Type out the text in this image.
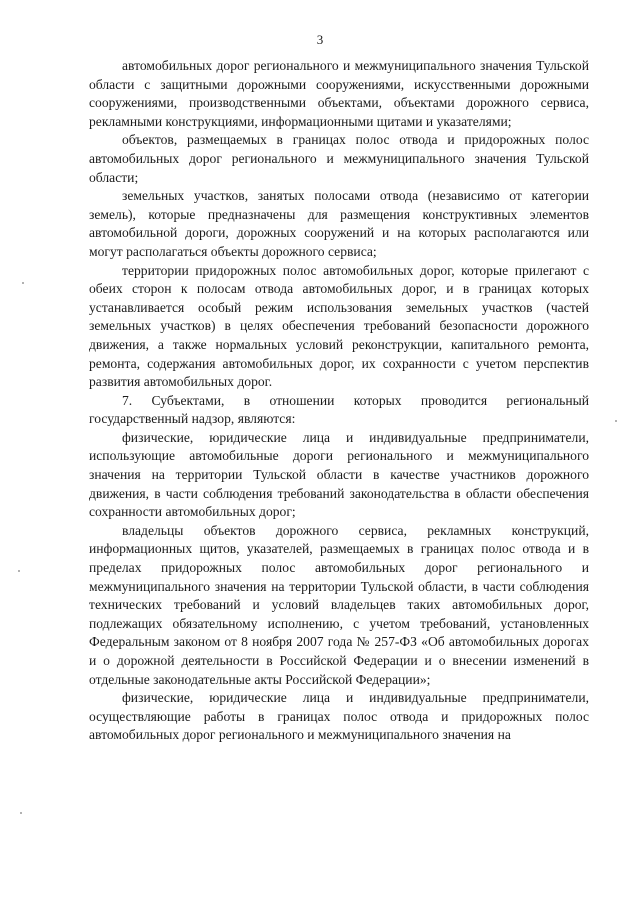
3

автомобильных дорог регионального и межмуниципального значения Тульской области с защитными дорожными сооружениями, искусственными дорожными сооружениями, производственными объектами, объектами дорожного сервиса, рекламными конструкциями, информационными щитами и указателями;

объектов, размещаемых в границах полос отвода и придорожных полос автомобильных дорог регионального и межмуниципального значения Тульской области;

земельных участков, занятых полосами отвода (независимо от категории земель), которые предназначены для размещения конструктивных элементов автомобильной дороги, дорожных сооружений и на которых располагаются или могут располагаться объекты дорожного сервиса;

территории придорожных полос автомобильных дорог, которые прилегают с обеих сторон к полосам отвода автомобильных дорог, и в границах которых устанавливается особый режим использования земельных участков (частей земельных участков) в целях обеспечения требований безопасности дорожного движения, а также нормальных условий реконструкции, капитального ремонта, ремонта, содержания автомобильных дорог, их сохранности с учетом перспектив развития автомобильных дорог.

7. Субъектами, в отношении которых проводится региональный государственный надзор, являются:

физические, юридические лица и индивидуальные предприниматели, использующие автомобильные дороги регионального и межмуниципального значения на территории Тульской области в качестве участников дорожного движения, в части соблюдения требований законодательства в области обеспечения сохранности автомобильных дорог;

владельцы объектов дорожного сервиса, рекламных конструкций, информационных щитов, указателей, размещаемых в границах полос отвода и в пределах придорожных полос автомобильных дорог регионального и межмуниципального значения на территории Тульской области, в части соблюдения технических требований и условий владельцев таких автомобильных дорог, подлежащих обязательному исполнению, с учетом требований, установленных Федеральным законом от 8 ноября 2007 года № 257-ФЗ «Об автомобильных дорогах и о дорожной деятельности в Российской Федерации и о внесении изменений в отдельные законодательные акты Российской Федерации»;

физические, юридические лица и индивидуальные предприниматели, осуществляющие работы в границах полос отвода и придорожных полос автомобильных дорог регионального и межмуниципального значения на
